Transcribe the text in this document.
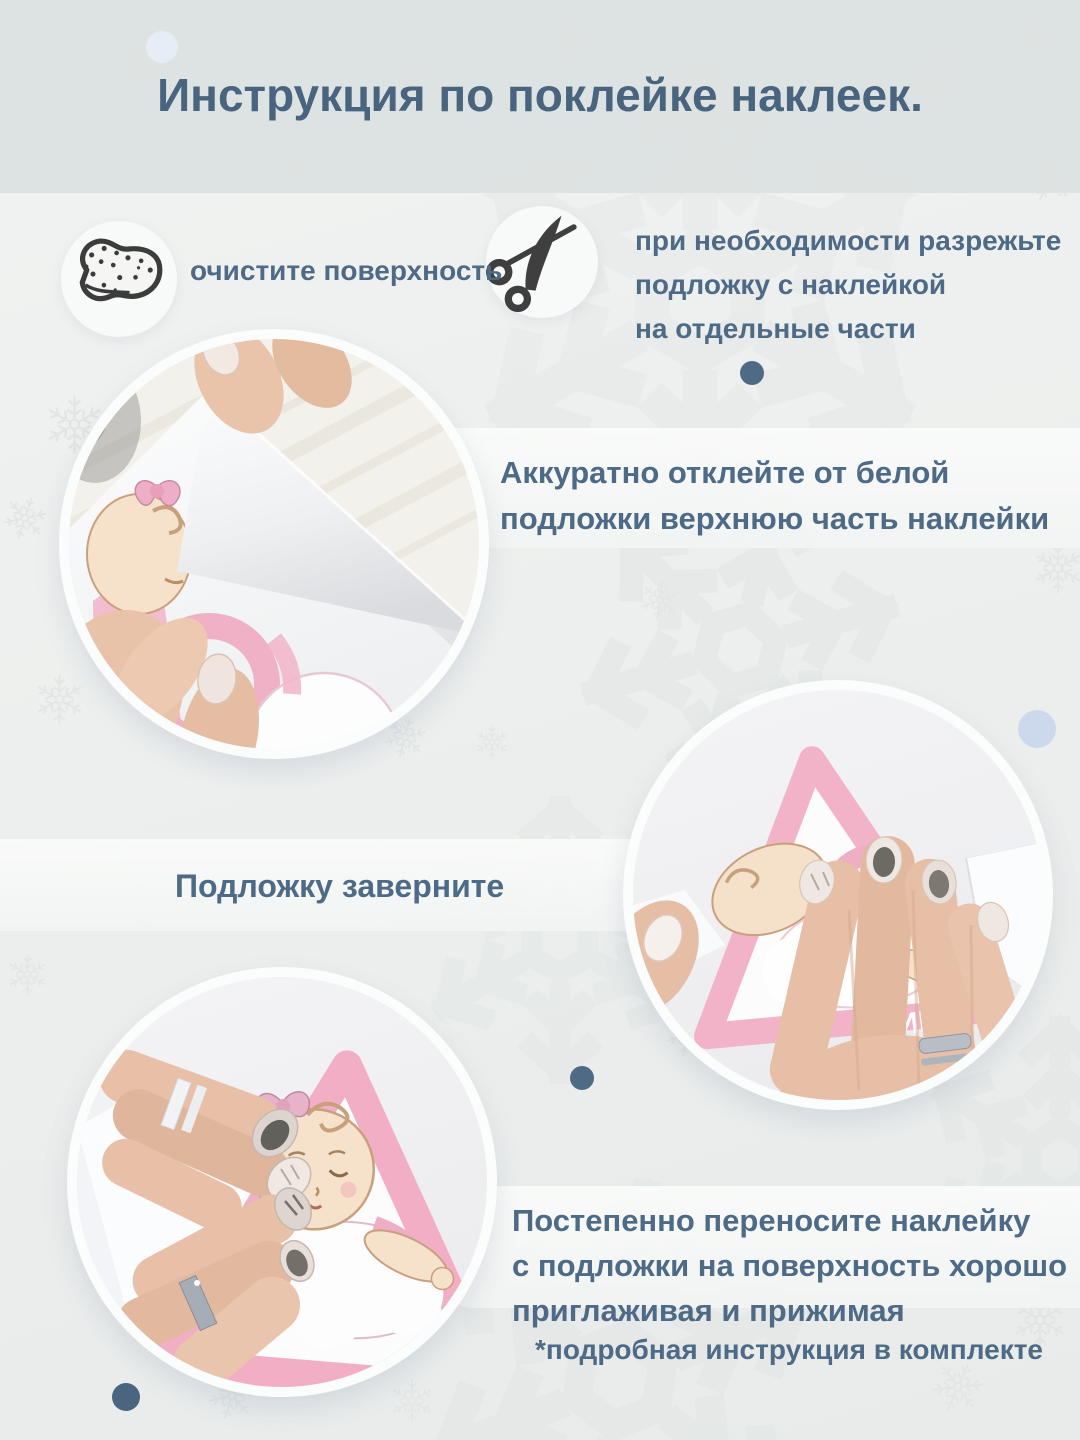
Инструкция по поклейке наклеек.
очистите поверхность
при необходимости разрежьте
подложку с наклейкой
на отдельные части
Аккуратно отклейте от белой
подложки верхнюю часть наклейки
Подложку заверните
Постепенно переносите наклейку
с подложки на поверхность хорошо
приглаживая и прижимая
*подробная инструкция в комплекте
